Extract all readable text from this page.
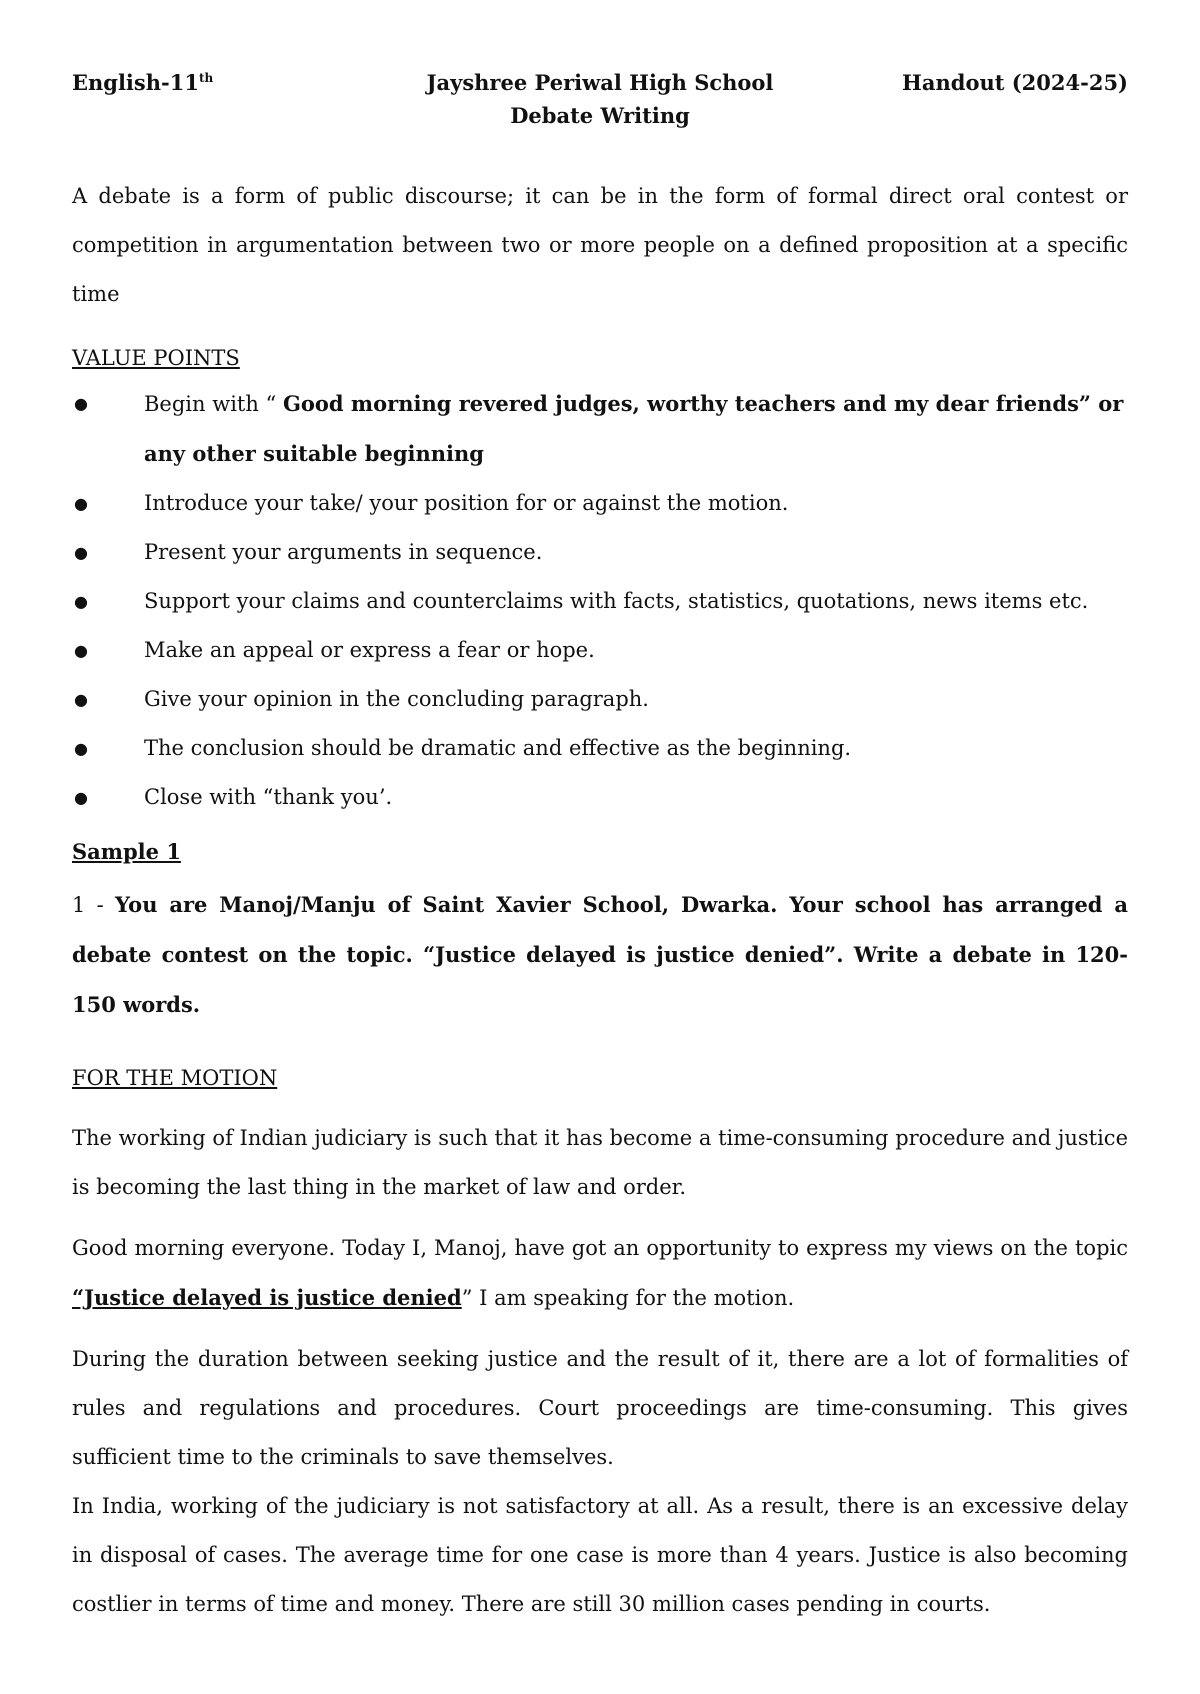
English-11th	Jayshree Periwal High School
Debate Writing
Handout (2024-25)

A debate is a form of public discourse; it can be in the form of formal direct oral contest or competition in argumentation between two or more people on a defined proposition at a specific time

VALUE POINTS
●	Begin with “ Good morning revered judges, worthy teachers and my dear friends” or any other suitable beginning
●	Introduce your take/ your position for or against the motion.
●	Present your arguments in sequence.
●	Support your claims and counterclaims with facts, statistics, quotations, news items etc.
●	Make an appeal or express a fear or hope.
●	Give your opinion in the concluding paragraph.
●	The conclusion should be dramatic and effective as the beginning.
●	Close with “thank you’.
Sample 1

1 - You are Manoj/Manju of Saint Xavier School, Dwarka. Your school has arranged a debate contest on the topic. “Justice delayed is justice denied”. Write a debate in 120-150 words.

FOR THE MOTION

The working of Indian judiciary is such that it has become a time-consuming procedure and justice is becoming the last thing in the market of law and order.

Good morning everyone. Today I, Manoj, have got an opportunity to express my views on the topic “Justice delayed is justice denied” I am speaking for the motion.

During the duration between seeking justice and the result of it, there are a lot of formalities of rules and regulations and procedures. Court proceedings are time-consuming. This gives sufficient time to the criminals to save themselves.

In India, working of the judiciary is not satisfactory at all. As a result, there is an excessive delay in disposal of cases. The average time for one case is more than 4 years. Justice is also becoming costlier in terms of time and money. There are still 30 million cases pending in courts.
